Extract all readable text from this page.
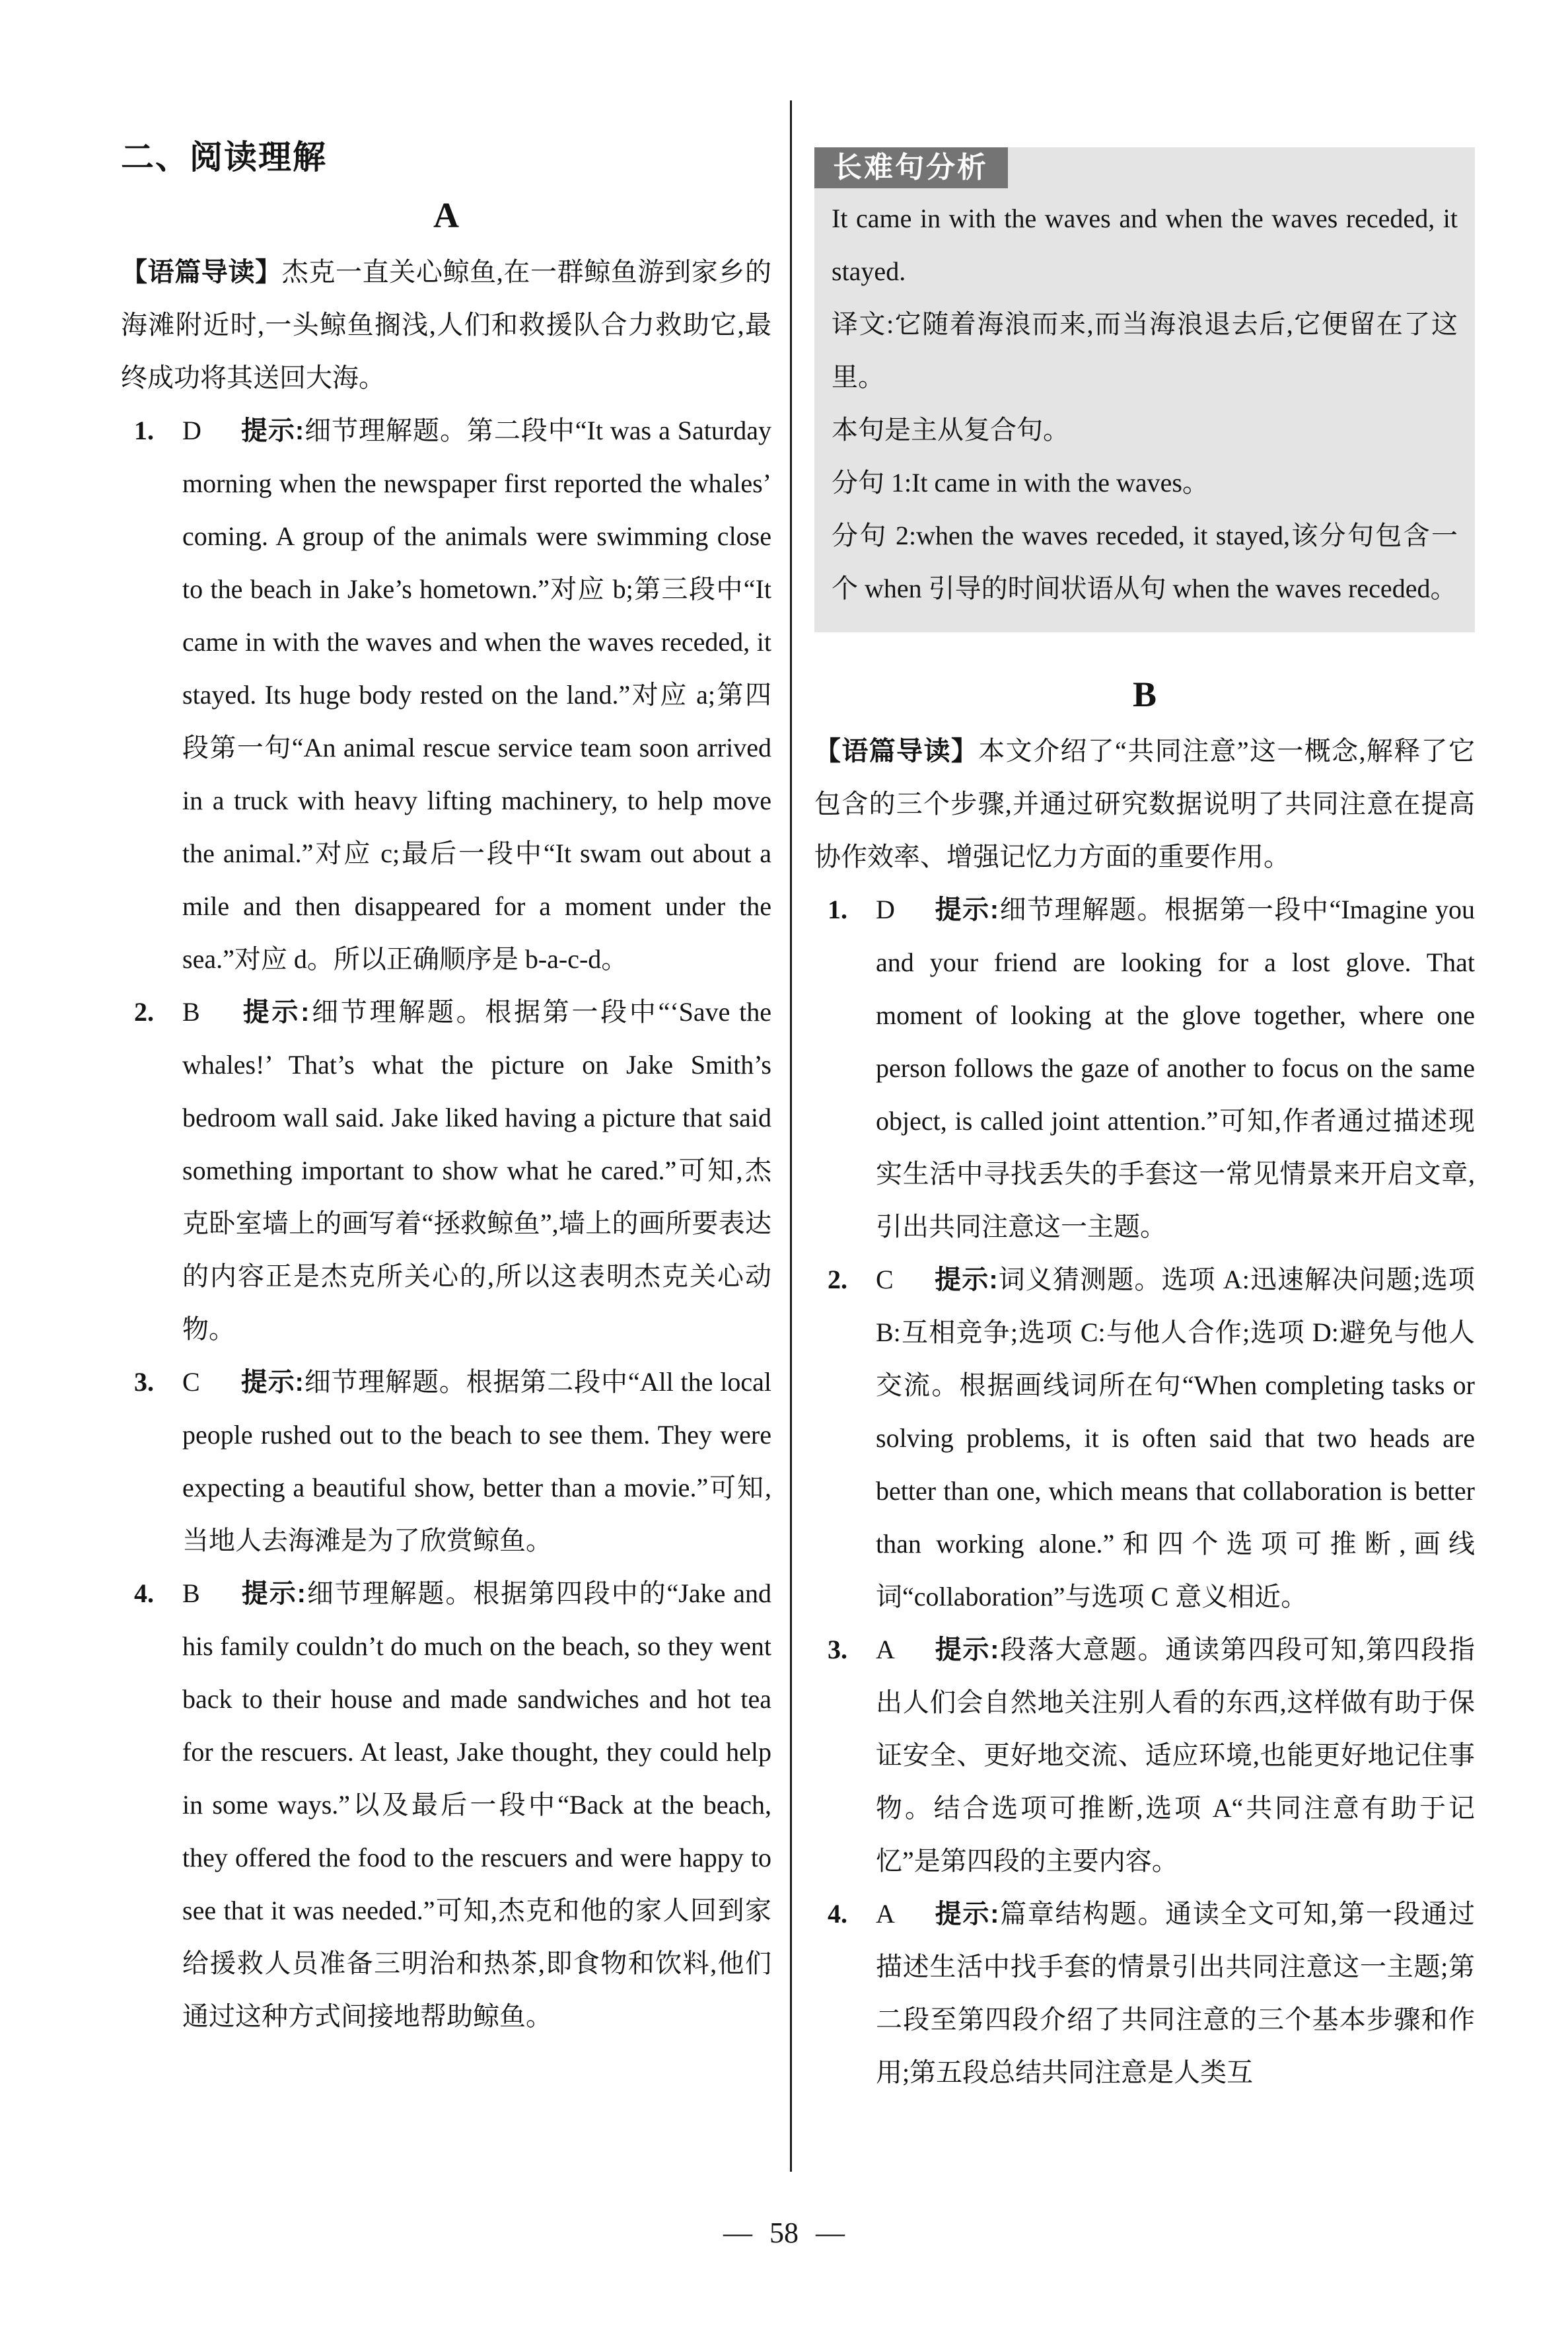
二、阅读理解
A

【语篇导读】杰克一直关心鲸鱼,在一群鲸鱼游到家乡的海滩附近时,一头鲸鱼搁浅,人们和救援队合力救助它,最终成功将其送回大海。

1. D 提示:细节理解题。第二段中“It was a Saturday morning when the newspaper first reported the whales’ coming. A group of the animals were swimming close to the beach in Jake’s hometown.”对应 b;第三段中“It came in with the waves and when the waves receded, it stayed. Its huge body rested on the land.”对应 a;第四段第一句“An animal rescue service team soon arrived in a truck with heavy lifting machinery, to help move the animal.”对应 c;最后一段中“It swam out about a mile and then disappeared for a moment under the sea.”对应 d。所以正确顺序是 b-a-c-d。
2. B 提示:细节理解题。根据第一段中“‘Save the whales!’ That’s what the picture on Jake Smith’s bedroom wall said. Jake liked having a picture that said something important to show what he cared.”可知,杰克卧室墙上的画写着“拯救鲸鱼”,墙上的画所要表达的内容正是杰克所关心的,所以这表明杰克关心动物。
3. C 提示:细节理解题。根据第二段中“All the local people rushed out to the beach to see them. They were expecting a beautiful show, better than a movie.”可知,当地人去海滩是为了欣赏鲸鱼。
4. B 提示:细节理解题。根据第四段中的“Jake and his family couldn’t do much on the beach, so they went back to their house and made sandwiches and hot tea for the rescuers. At least, Jake thought, they could help in some ways.”以及最后一段中“Back at the beach, they offered the food to the rescuers and were happy to see that it was needed.”可知,杰克和他的家人回到家给援救人员准备三明治和热茶,即食物和饮料,他们通过这种方式间接地帮助鲸鱼。
长难句分析

It came in with the waves and when the waves receded, it stayed.

译文:它随着海浪而来,而当海浪退去后,它便留在了这里。

本句是主从复合句。

分句 1:It came in with the waves。

分句 2:when the waves receded, it stayed,该分句包含一个 when 引导的时间状语从句 when the waves receded。

B

【语篇导读】本文介绍了“共同注意”这一概念,解释了它包含的三个步骤,并通过研究数据说明了共同注意在提高协作效率、增强记忆力方面的重要作用。

1. D 提示:细节理解题。根据第一段中“Imagine you and your friend are looking for a lost glove. That moment of looking at the glove together, where one person follows the gaze of another to focus on the same object, is called joint attention.”可知,作者通过描述现实生活中寻找丢失的手套这一常见情景来开启文章,引出共同注意这一主题。
2. C 提示:词义猜测题。选项 A:迅速解决问题;选项 B:互相竞争;选项 C:与他人合作;选项 D:避免与他人交流。根据画线词所在句“When completing tasks or solving problems, it is often said that two heads are better than one, which means that collaboration is better than working alone.”和四个选项可推断,画线词“collaboration”与选项 C 意义相近。
3. A 提示:段落大意题。通读第四段可知,第四段指出人们会自然地关注别人看的东西,这样做有助于保证安全、更好地交流、适应环境,也能更好地记住事物。结合选项可推断,选项 A“共同注意有助于记忆”是第四段的主要内容。
4. A 提示:篇章结构题。通读全文可知,第一段通过描述生活中找手套的情景引出共同注意这一主题;第二段至第四段介绍了共同注意的三个基本步骤和作用;第五段总结共同注意是人类互
— 58 —
